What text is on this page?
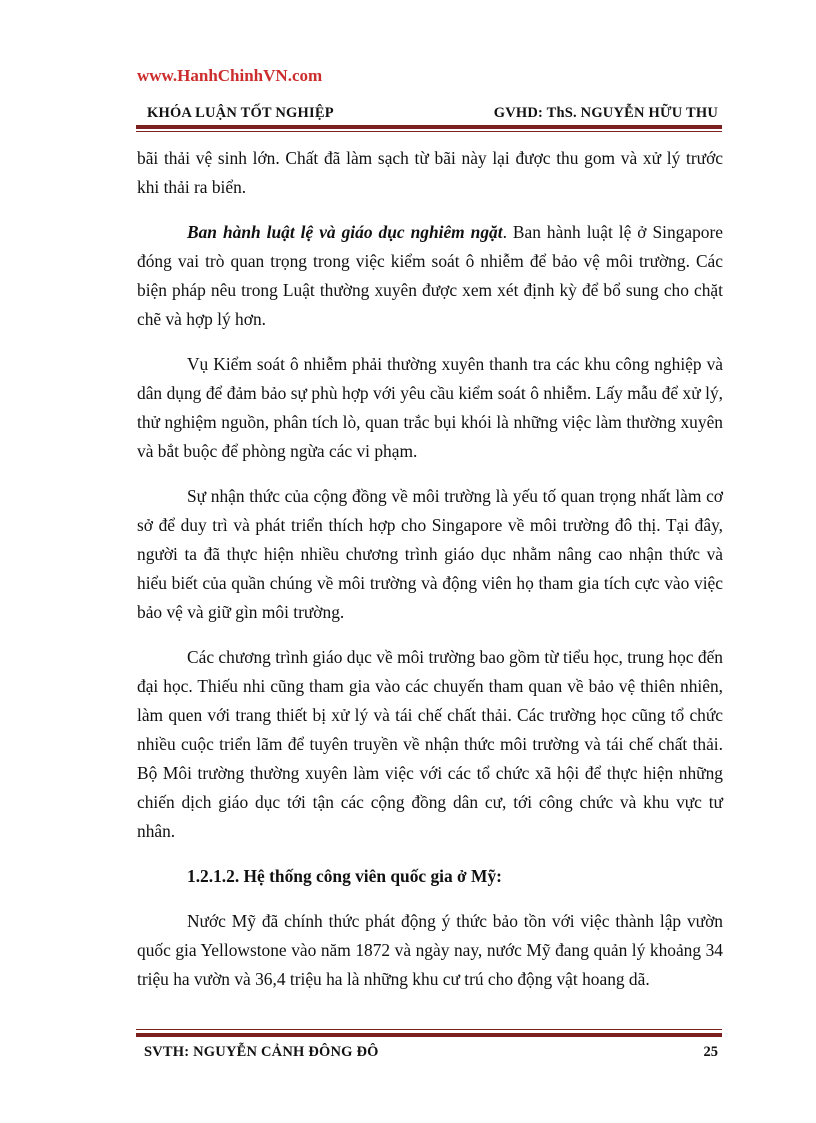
www.HanhChinhVN.com
KHÓA LUẬN TỐT NGHIỆP	GVHD: ThS. NGUYỄN HỮU THU

bãi thải vệ sinh lớn. Chất đã làm sạch từ bãi này lại được thu gom và xử lý trước khi thải ra biển.

Ban hành luật lệ và giáo dục nghiêm ngặt. Ban hành luật lệ ở Singapore đóng vai trò quan trọng trong việc kiểm soát ô nhiễm để bảo vệ môi trường. Các biện pháp nêu trong Luật thường xuyên được xem xét định kỳ để bổ sung cho chặt chẽ và hợp lý hơn.

Vụ Kiểm soát ô nhiễm phải thường xuyên thanh tra các khu công nghiệp và dân dụng để đảm bảo sự phù hợp với yêu cầu kiểm soát ô nhiễm. Lấy mẫu để xử lý, thử nghiệm nguồn, phân tích lò, quan trắc bụi khói là những việc làm thường xuyên và bắt buộc để phòng ngừa các vi phạm.

Sự nhận thức của cộng đồng về môi trường là yếu tố quan trọng nhất làm cơ sở để duy trì và phát triển thích hợp cho Singapore về môi trường đô thị. Tại đây, người ta đã thực hiện nhiều chương trình giáo dục nhằm nâng cao nhận thức và hiểu biết của quần chúng về môi trường và động viên họ tham gia tích cực vào việc bảo vệ và giữ gìn môi trường.

Các chương trình giáo dục về môi trường bao gồm từ tiểu học, trung học đến đại học. Thiếu nhi cũng tham gia vào các chuyến tham quan về bảo vệ thiên nhiên, làm quen với trang thiết bị xử lý và tái chế chất thải. Các trường học cũng tổ chức nhiều cuộc triển lãm để tuyên truyền về nhận thức môi trường và tái chế chất thải. Bộ Môi trường thường xuyên làm việc với các tổ chức xã hội để thực hiện những chiến dịch giáo dục tới tận các cộng đồng dân cư, tới công chức và khu vực tư nhân.

1.2.1.2. Hệ thống công viên quốc gia ở Mỹ:

Nước Mỹ đã chính thức phát động ý thức bảo tồn với việc thành lập vườn quốc gia Yellowstone vào năm 1872 và ngày nay, nước Mỹ đang quản lý khoảng 34 triệu ha vườn và 36,4 triệu ha là những khu cư trú cho động vật hoang dã.

SVTH: NGUYỄN CẢNH ĐÔNG ĐÔ	25
